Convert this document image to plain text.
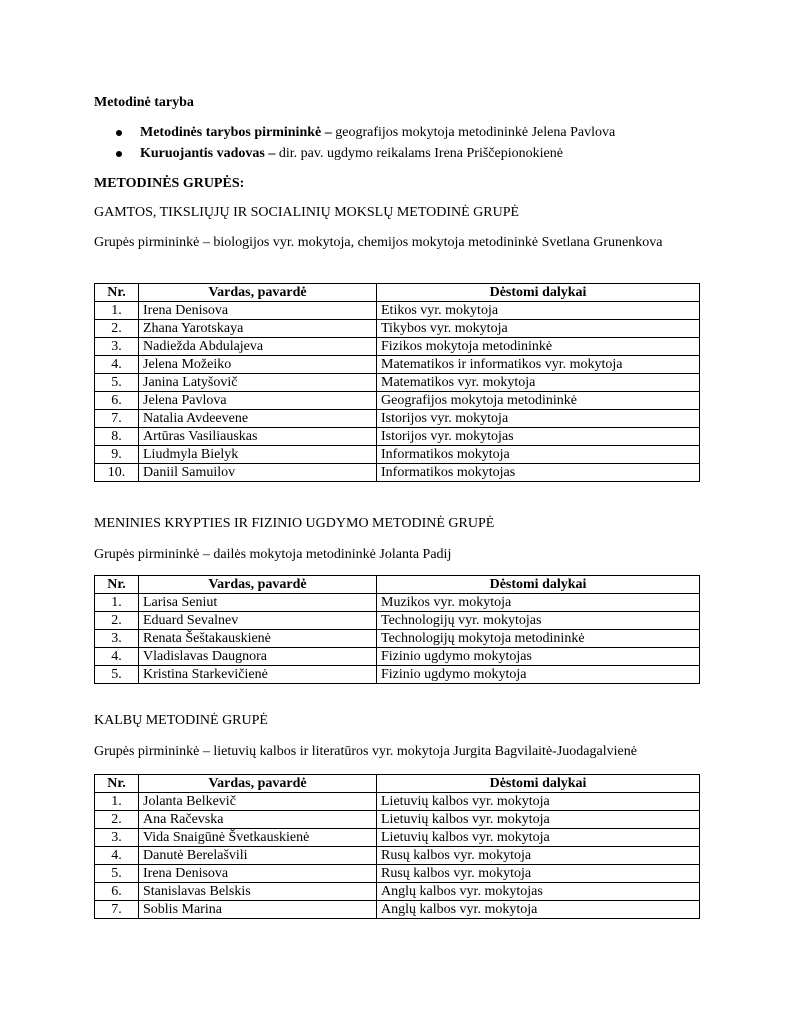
Metodinė taryba

Metodinės tarybos pirmininkė – geografijos mokytoja metodininkė Jelena Pavlova
Kuruojantis vadovas – dir. pav. ugdymo reikalams Irena Priščepionokienė

METODINĖS GRUPĖS:

GAMTOS, TIKSLIŲJŲ IR SOCIALINIŲ MOKSLŲ METODINĖ GRUPĖ

Grupės pirmininkė – biologijos vyr. mokytoja, chemijos mokytoja metodininkė Svetlana Grunenkova

Nr.	Vardas, pavardė	Dėstomi dalykai
1.	Irena Denisova	Etikos vyr. mokytoja
2.	Zhana Yarotskaya	Tikybos vyr. mokytoja
3.	Nadiežda Abdulajeva	Fizikos mokytoja metodininkė
4.	Jelena Možeiko	Matematikos ir informatikos vyr. mokytoja
5.	Janina Latyšovič	Matematikos vyr. mokytoja
6.	Jelena Pavlova	Geografijos mokytoja metodininkė
7.	Natalia Avdeevene	Istorijos vyr. mokytoja
8.	Artūras Vasiliauskas	Istorijos vyr. mokytojas
9.	Liudmyla Bielyk	Informatikos mokytoja
10.	Daniil Samuilov	Informatikos mokytojas

MENINIES KRYPTIES IR FIZINIO UGDYMO METODINĖ GRUPĖ

Grupės pirmininkė – dailės mokytoja metodininkė Jolanta Padij

Nr.	Vardas, pavardė	Dėstomi dalykai
1.	Larisa Seniut	Muzikos vyr. mokytoja
2.	Eduard Sevalnev	Technologijų vyr. mokytojas
3.	Renata Šeštakauskienė	Technologijų mokytoja metodininkė
4.	Vladislavas Daugnora	Fizinio ugdymo mokytojas
5.	Kristina Starkevičienė	Fizinio ugdymo mokytoja

KALBŲ METODINĖ GRUPĖ

Grupės pirmininkė – lietuvių kalbos ir literatūros vyr. mokytoja Jurgita Bagvilaitė-Juodagalvienė

Nr.	Vardas, pavardė	Dėstomi dalykai
1.	Jolanta Belkevič	Lietuvių kalbos vyr. mokytoja
2.	Ana Račevska	Lietuvių kalbos vyr. mokytoja
3.	Vida Snaigūnė Švetkauskienė	Lietuvių kalbos vyr. mokytoja
4.	Danutė Berelašvili	Rusų kalbos vyr. mokytoja
5.	Irena Denisova	Rusų kalbos vyr. mokytoja
6.	Stanislavas Belskis	Anglų kalbos vyr. mokytojas
7.	Soblis Marina	Anglų kalbos vyr. mokytoja
